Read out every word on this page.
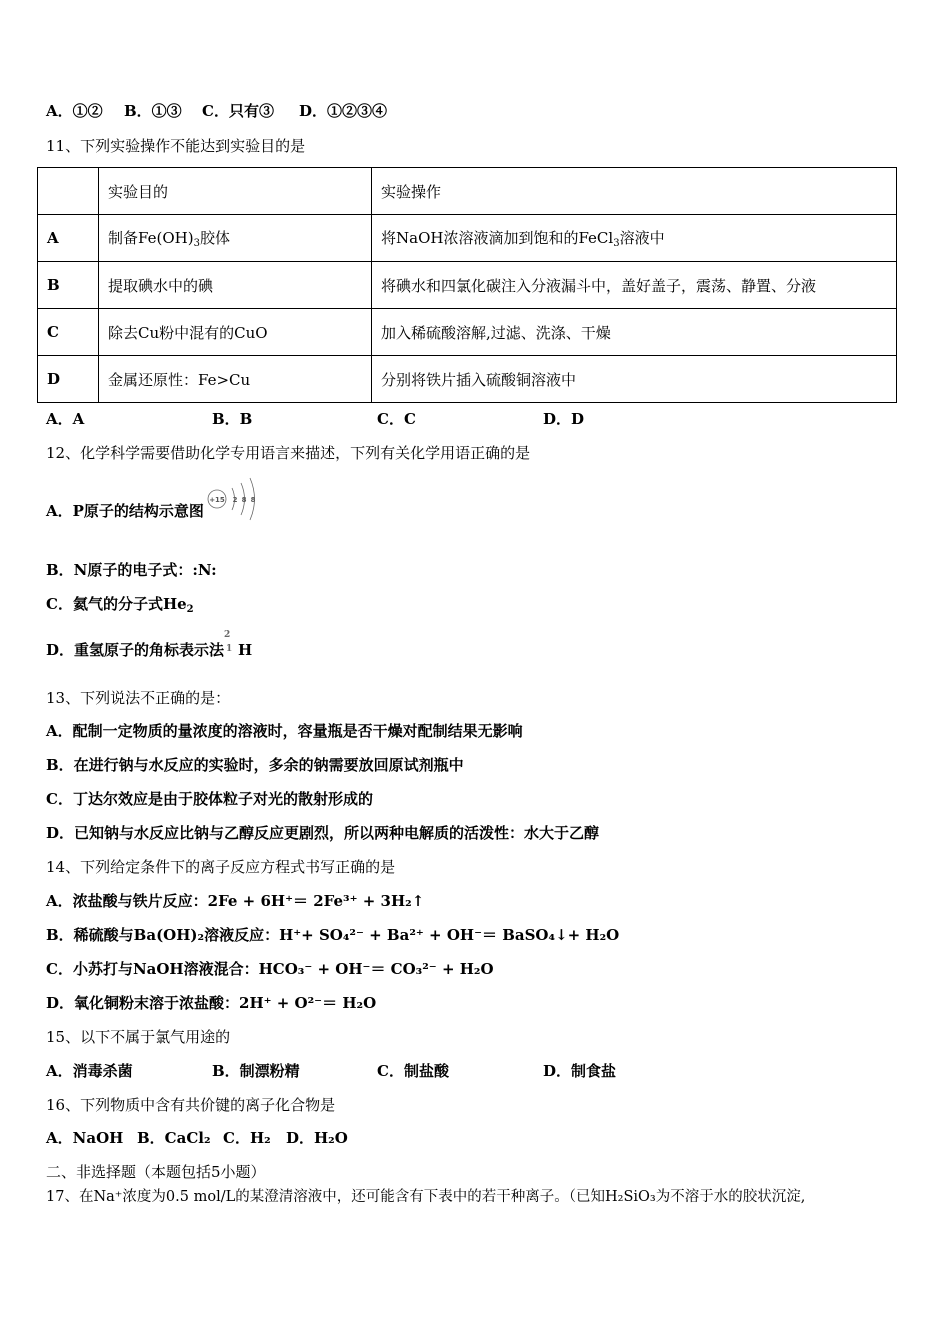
A．①② B．①③ C．只有③ D．①②③④
11、下列实验操作不能达到实验目的是
	实验目的	实验操作
A	制备$Fe(OH)_3$胶体	将NaOH浓溶液滴加到饱和的FeCl$_3$溶液中
B	提取碘水中的碘	将碘水和四氯化碳注入分液漏斗中，盖好盖子，震荡、静置、分液
C	除去Cu粉中混有的CuO	加入稀硫酸溶解,过滤、洗涤、干燥
D	金属还原性：Fe>Cu	分别将铁片插入硫酸铜溶液中
A．A	B．B	C．C	D．D
12、化学科学需要借助化学专用语言来描述，下列有关化学用语正确的是
A．P原子的结构示意图
+15 2 8 8
B．N原子的电子式：:N:
C．氦气的分子式$He_2$
D．重氢原子的角标表示法
2
1 H
13、下列说法不正确的是：
A．配制一定物质的量浓度的溶液时，容量瓶是否干燥对配制结果无影响
B．在进行钠与水反应的实验时，多余的钠需要放回原试剂瓶中
C．丁达尔效应是由于胶体粒子对光的散射形成的
D．已知钠与水反应比钠与乙醇反应更剧烈，所以两种电解质的活泼性：水大于乙醇
14、下列给定条件下的离子反应方程式书写正确的是
A．浓盐酸与铁片反应：2Fe + 6H⁺＝ 2Fe³⁺ + 3H₂↑
B．稀硫酸与Ba(OH)₂溶液反应：H⁺+ SO₄²⁻ + Ba²⁺ + OH⁻＝ BaSO₄↓+ H₂O
C．小苏打与NaOH溶液混合：HCO₃⁻ + OH⁻＝ CO₃²⁻ + H₂O
D．氧化铜粉末溶于浓盐酸：2H⁺ + O²⁻＝ H₂O
15、以下不属于氯气用途的
A．消毒杀菌	B．制漂粉精	C．制盐酸	D．制食盐
16、下列物质中含有共价键的离子化合物是
A．NaOH B．CaCl₂ C．H₂ D．H₂O
二、非选择题（本题包括5小题）
17、在Na⁺浓度为0.5 mol/L的某澄清溶液中，还可能含有下表中的若干种离子。（已知H₂SiO₃为不溶于水的胶状沉淀,
